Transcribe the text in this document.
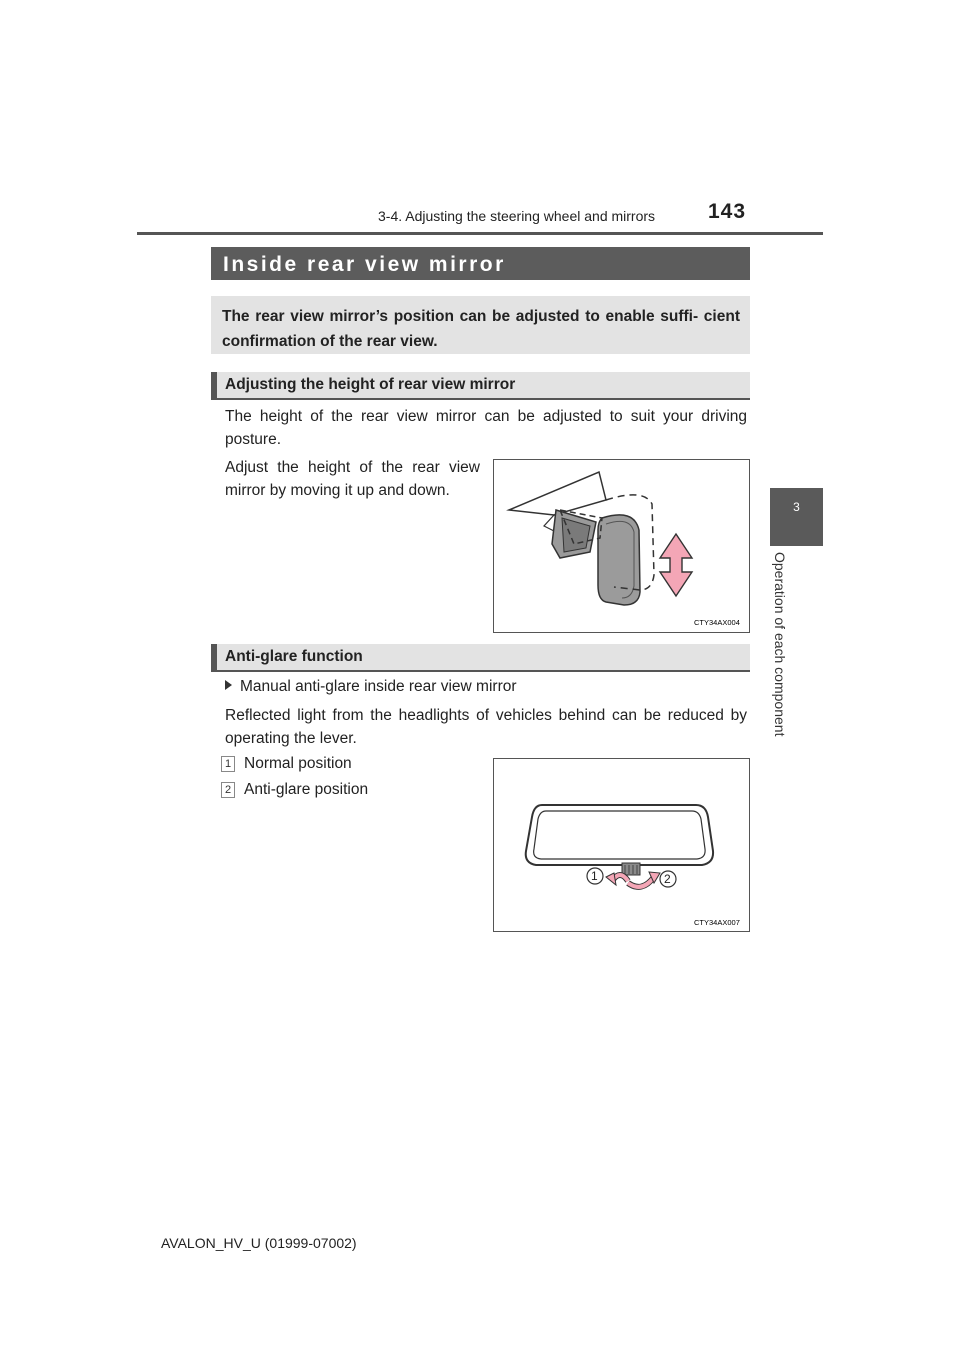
3-4. Adjusting the steering wheel and mirrors	143
3
Operation of each component
Inside rear view mirror
The rear view mirror’s position can be adjusted to enable suffi- cient confirmation of the rear view.
Adjusting the height of rear view mirror
The height of the rear view mirror can be adjusted to suit your driving posture.
Adjust the height of the rear view mirror by moving it up and down.
CTY34AX004
Anti-glare function
Manual anti-glare inside rear view mirror
Reflected light from the headlights of vehicles behind can be reduced by operating the lever.
1 Normal position
2 Anti-glare position
1	2
CTY34AX007
AVALON_HV_U (01999-07002)
